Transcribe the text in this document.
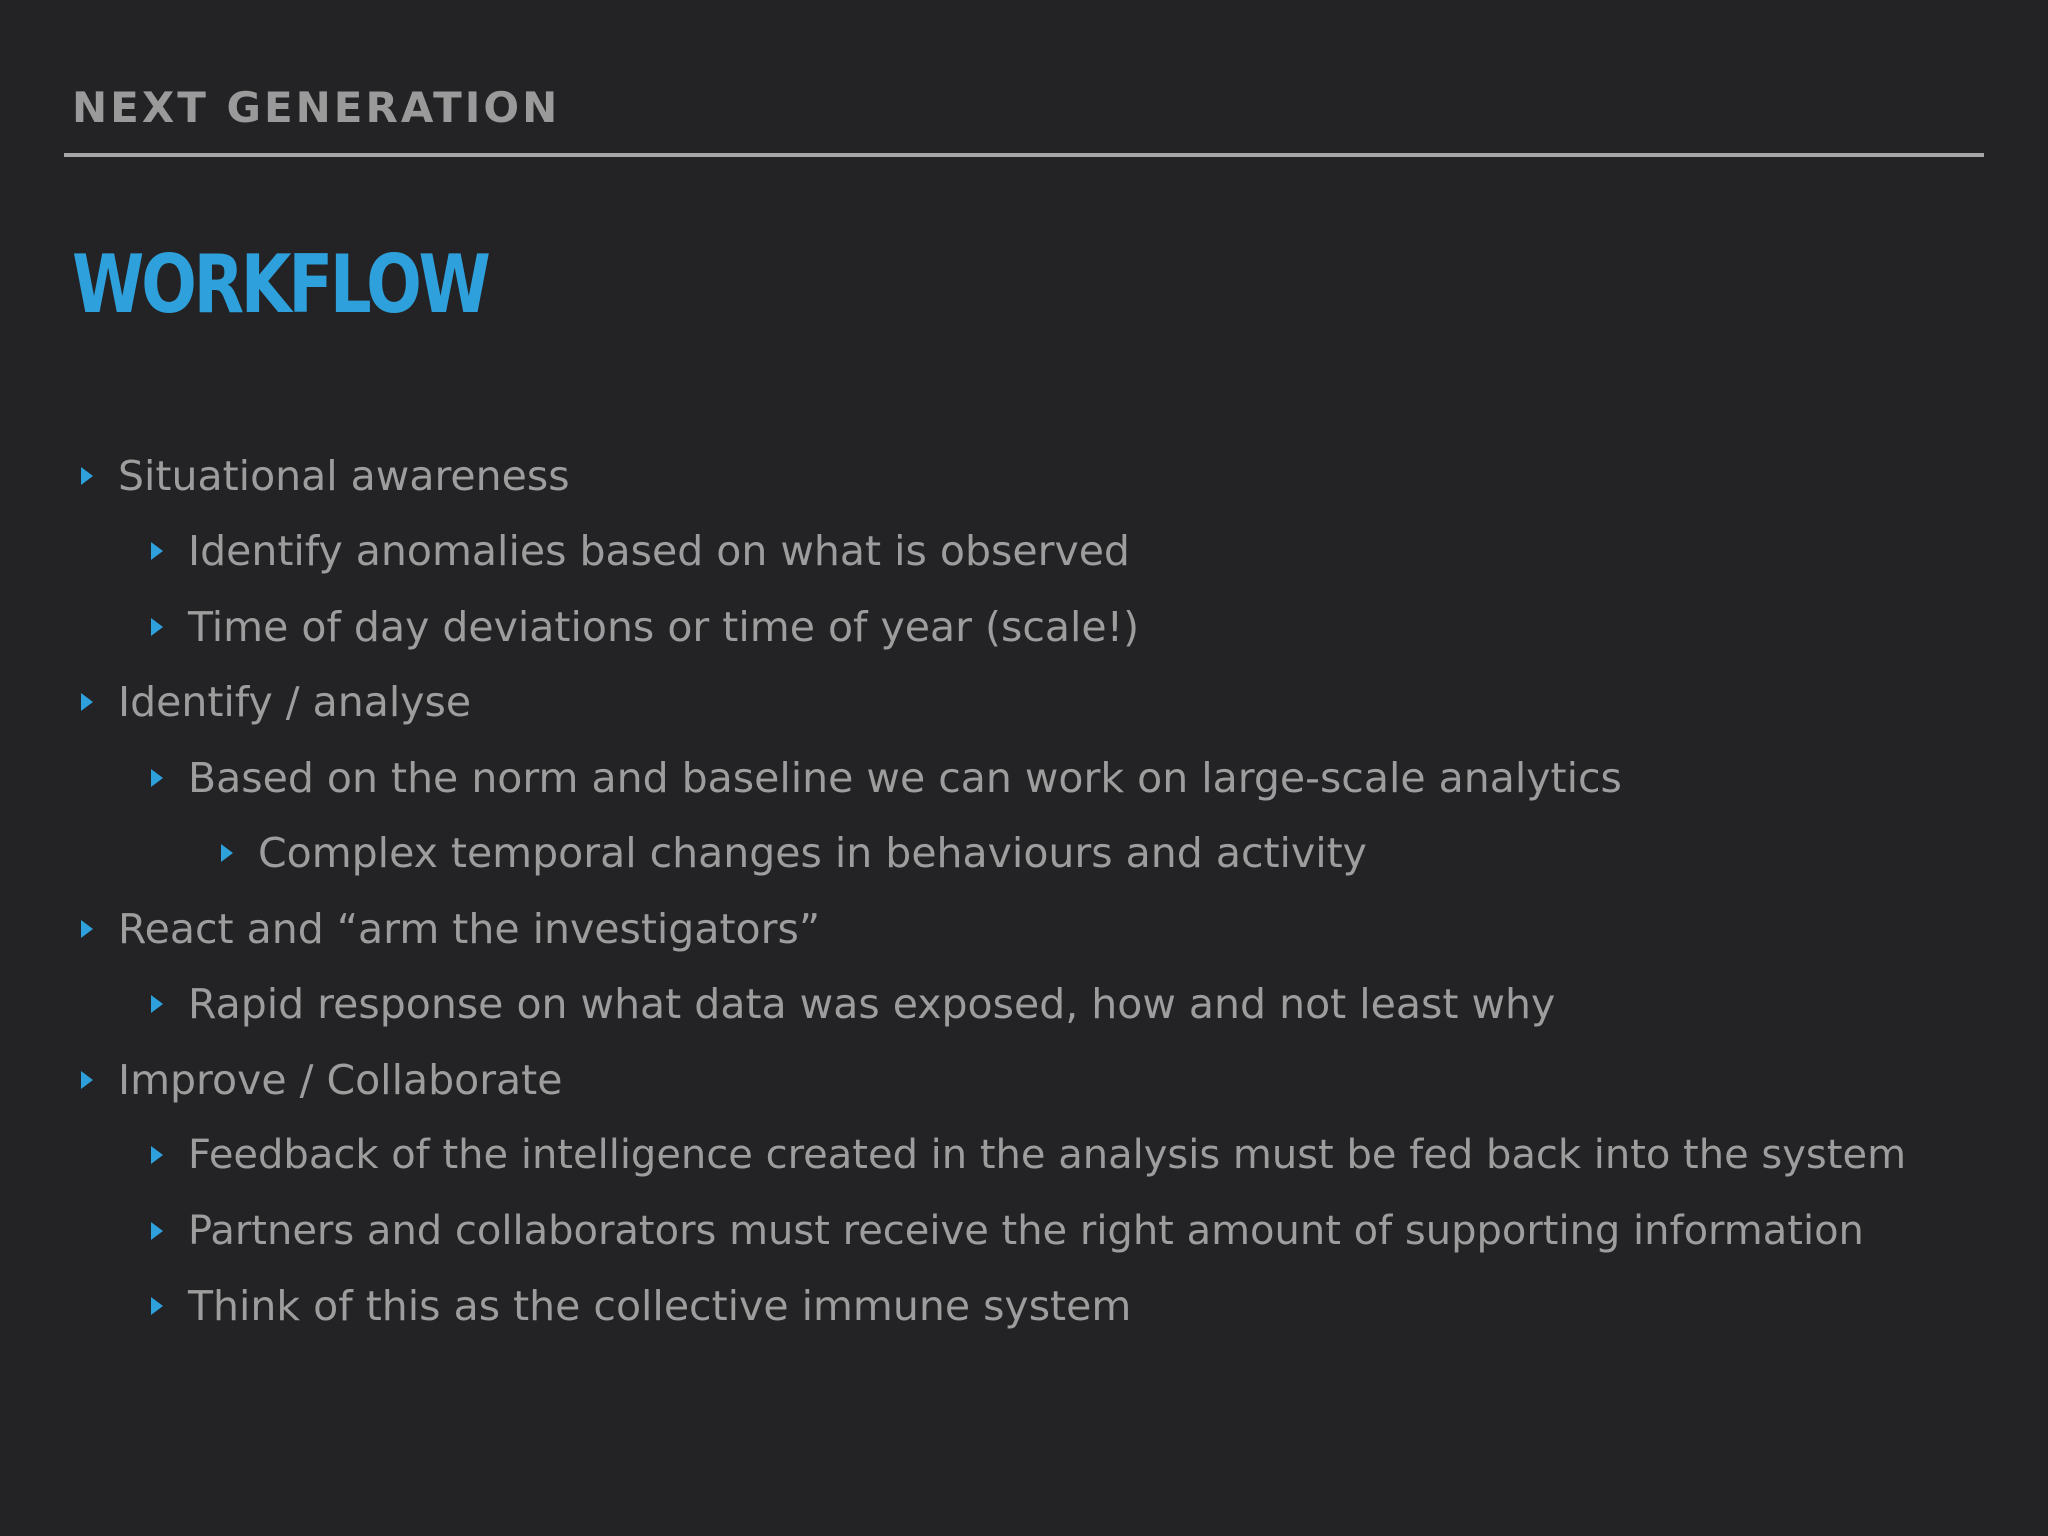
NEXT GENERATION
WORKFLOW
Situational awareness
Identify anomalies based on what is observed
Time of day deviations or time of year (scale!)
Identify / analyse
Based on the norm and baseline we can work on large-scale analytics
Complex temporal changes in behaviours and activity
React and “arm the investigators”
Rapid response on what data was exposed, how and not least why
Improve / Collaborate
Feedback of the intelligence created in the analysis must be fed back into the system
Partners and collaborators must receive the right amount of supporting information
Think of this as the collective immune system
